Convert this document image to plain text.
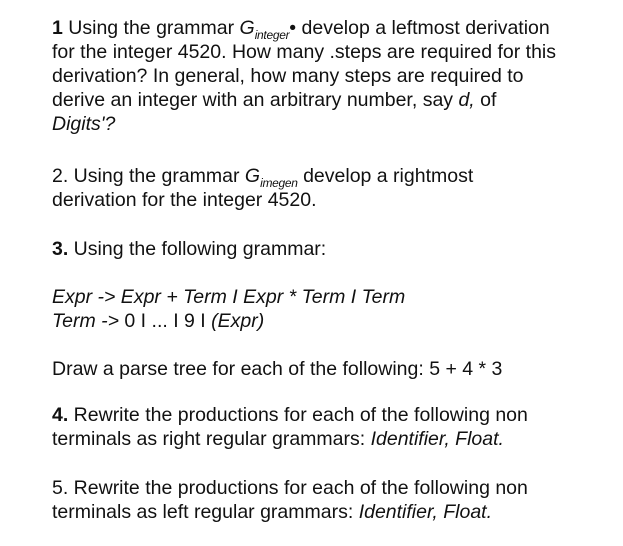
1 Using the grammar $G_{integer}•$ develop a leftmost derivation
for the integer 4520. How many .steps are required for this
derivation? In general, how many steps are required to
derive an integer with an arbitrary number, say d, of
Digits'?
2. Using the grammar $G_{imegen}$ develop a rightmost
derivation for the integer 4520.
3. Using the following grammar:
Expr -> Expr + Term I Expr * Term I Term
Term -> 0 I ... I 9 I (Expr)
Draw a parse tree for each of the following: 5 + 4 * 3
4. Rewrite the productions for each of the following non
terminals as right regular grammars: Identifier, Float.
5. Rewrite the productions for each of the following non
terminals as left regular grammars: Identifier, Float.
